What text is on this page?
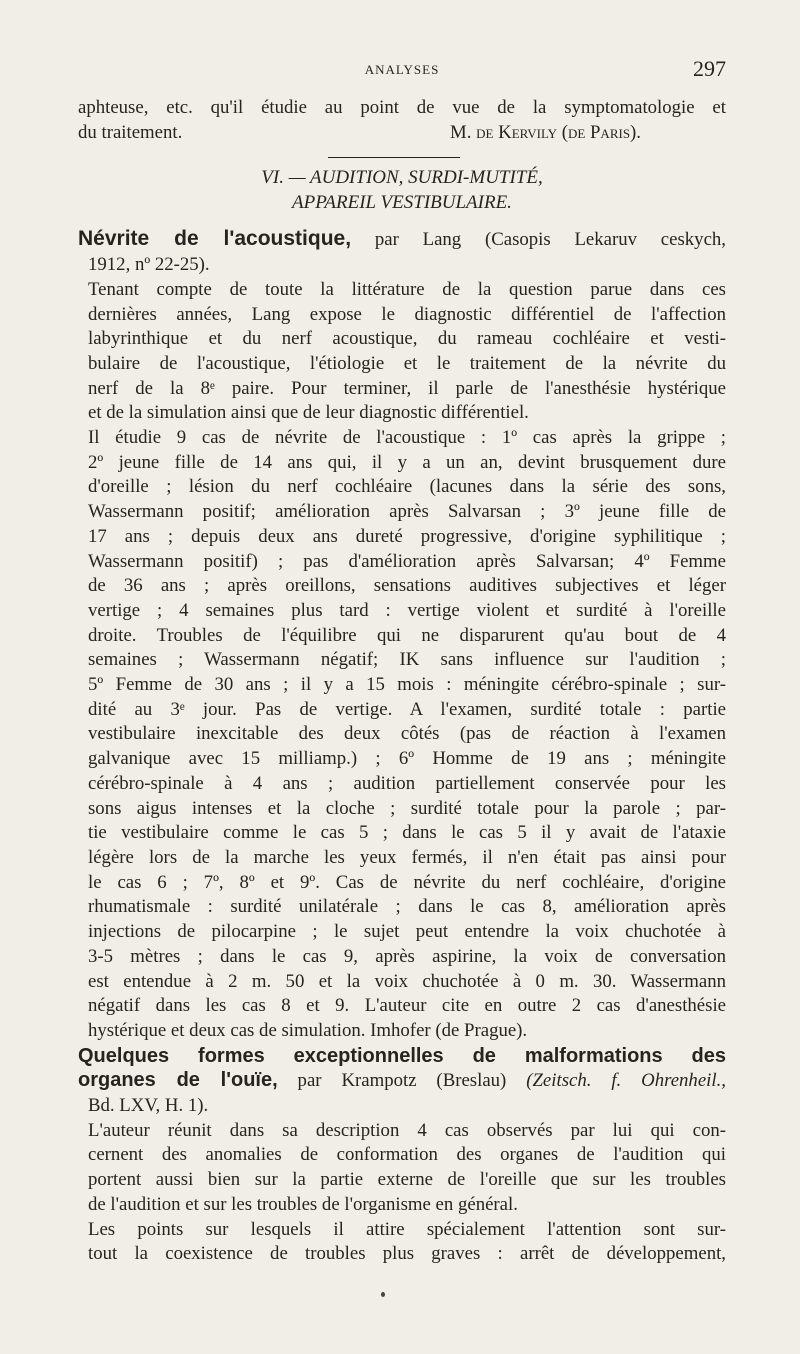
ANALYSES	297

aphteuse, etc. qu'il étudie au point de vue de la symptomatologie et
du traitement.	M. de Kervily (de Paris).

VI. — AUDITION, SURDI-MUTITÉ,
APPAREIL VESTIBULAIRE.

Névrite de l'acoustique, par Lang (Casopis Lekaruv ceskych,
1912, nº 22-25).

Tenant compte de toute la littérature de la question parue dans ces
dernières années, Lang expose le diagnostic différentiel de l'affection
labyrinthique et du nerf acoustique, du rameau cochléaire et vesti-
bulaire de l'acoustique, l'étiologie et le traitement de la névrite du
nerf de la 8ᵉ paire. Pour terminer, il parle de l'anesthésie hystérique
et de la simulation ainsi que de leur diagnostic différentiel.

Il étudie 9 cas de névrite de l'acoustique : 1º cas après la grippe ;
2º jeune fille de 14 ans qui, il y a un an, devint brusquement dure
d'oreille ; lésion du nerf cochléaire (lacunes dans la série des sons,
Wassermann positif; amélioration après Salvarsan ; 3º jeune fille de
17 ans ; depuis deux ans dureté progressive, d'origine syphilitique ;
Wassermann positif) ; pas d'amélioration après Salvarsan; 4º Femme
de 36 ans ; après oreillons, sensations auditives subjectives et léger
vertige ; 4 semaines plus tard : vertige violent et surdité à l'oreille
droite. Troubles de l'équilibre qui ne disparurent qu'au bout de 4
semaines ; Wassermann négatif; IK sans influence sur l'audition ;
5º Femme de 30 ans ; il y a 15 mois : méningite cérébro-spinale ; sur-
dité au 3ᵉ jour. Pas de vertige. A l'examen, surdité totale : partie
vestibulaire inexcitable des deux côtés (pas de réaction à l'examen
galvanique avec 15 milliamp.) ; 6º Homme de 19 ans ; méningite
cérébro-spinale à 4 ans ; audition partiellement conservée pour les
sons aigus intenses et la cloche ; surdité totale pour la parole ; par-
tie vestibulaire comme le cas 5 ; dans le cas 5 il y avait de l'ataxie
légère lors de la marche les yeux fermés, il n'en était pas ainsi pour
le cas 6 ; 7º, 8º et 9º. Cas de névrite du nerf cochléaire, d'origine
rhumatismale : surdité unilatérale ; dans le cas 8, amélioration après
injections de pilocarpine ; le sujet peut entendre la voix chuchotée à
3-5 mètres ; dans le cas 9, après aspirine, la voix de conversation
est entendue à 2 m. 50 et la voix chuchotée à 0 m. 30. Wassermann
négatif dans les cas 8 et 9. L'auteur cite en outre 2 cas d'anesthésie
hystérique et deux cas de simulation. Imhofer (de Prague).

Quelques formes exceptionnelles de malformations des
organes de l'ouïe, par Krampotz (Breslau) (Zeitsch. f. Ohrenheil.,
Bd. LXV, H. 1).

L'auteur réunit dans sa description 4 cas observés par lui qui con-
cernent des anomalies de conformation des organes de l'audition qui
portent aussi bien sur la partie externe de l'oreille que sur les troubles
de l'audition et sur les troubles de l'organisme en général.

Les points sur lesquels il attire spécialement l'attention sont sur-
tout la coexistence de troubles plus graves : arrêt de développement,
